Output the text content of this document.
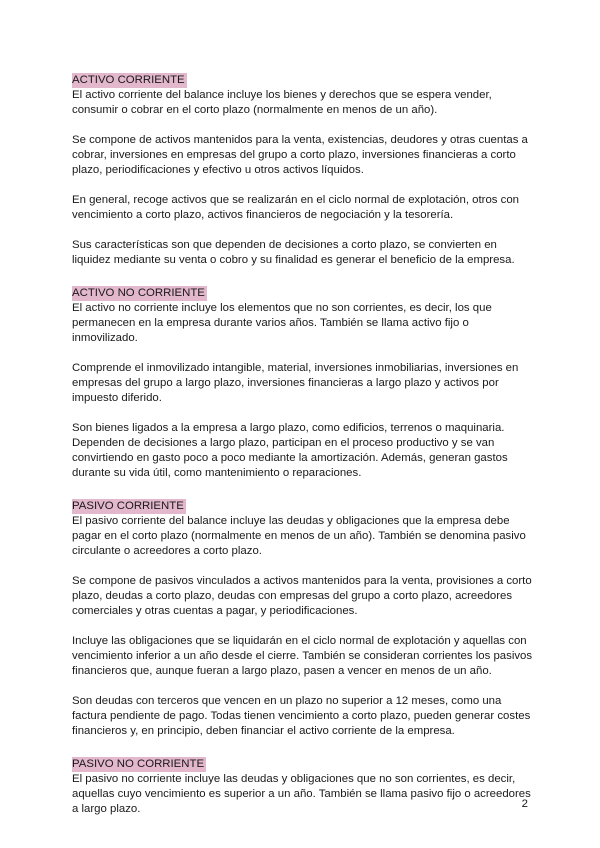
ACTIVO CORRIENTE

El activo corriente del balance incluye los bienes y derechos que se espera vender, consumir o cobrar en el corto plazo (normalmente en menos de un año).

Se compone de activos mantenidos para la venta, existencias, deudores y otras cuentas a cobrar, inversiones en empresas del grupo a corto plazo, inversiones financieras a corto plazo, periodificaciones y efectivo u otros activos líquidos.

En general, recoge activos que se realizarán en el ciclo normal de explotación, otros con vencimiento a corto plazo, activos financieros de negociación y la tesorería.

Sus características son que dependen de decisiones a corto plazo, se convierten en liquidez mediante su venta o cobro y su finalidad es generar el beneficio de la empresa.

ACTIVO NO CORRIENTE

El activo no corriente incluye los elementos que no son corrientes, es decir, los que permanecen en la empresa durante varios años. También se llama activo fijo o inmovilizado.

Comprende el inmovilizado intangible, material, inversiones inmobiliarias, inversiones en empresas del grupo a largo plazo, inversiones financieras a largo plazo y activos por impuesto diferido.

Son bienes ligados a la empresa a largo plazo, como edificios, terrenos o maquinaria. Dependen de decisiones a largo plazo, participan en el proceso productivo y se van convirtiendo en gasto poco a poco mediante la amortización. Además, generan gastos durante su vida útil, como mantenimiento o reparaciones.

PASIVO CORRIENTE

El pasivo corriente del balance incluye las deudas y obligaciones que la empresa debe pagar en el corto plazo (normalmente en menos de un año). También se denomina pasivo circulante o acreedores a corto plazo.

Se compone de pasivos vinculados a activos mantenidos para la venta, provisiones a corto plazo, deudas a corto plazo, deudas con empresas del grupo a corto plazo, acreedores comerciales y otras cuentas a pagar, y periodificaciones.

Incluye las obligaciones que se liquidarán en el ciclo normal de explotación y aquellas con vencimiento inferior a un año desde el cierre. También se consideran corrientes los pasivos financieros que, aunque fueran a largo plazo, pasen a vencer en menos de un año.

Son deudas con terceros que vencen en un plazo no superior a 12 meses, como una factura pendiente de pago. Todas tienen vencimiento a corto plazo, pueden generar costes financieros y, en principio, deben financiar el activo corriente de la empresa.

PASIVO NO CORRIENTE

El pasivo no corriente incluye las deudas y obligaciones que no son corrientes, es decir, aquellas cuyo vencimiento es superior a un año. También se llama pasivo fijo o acreedores a largo plazo.	2
